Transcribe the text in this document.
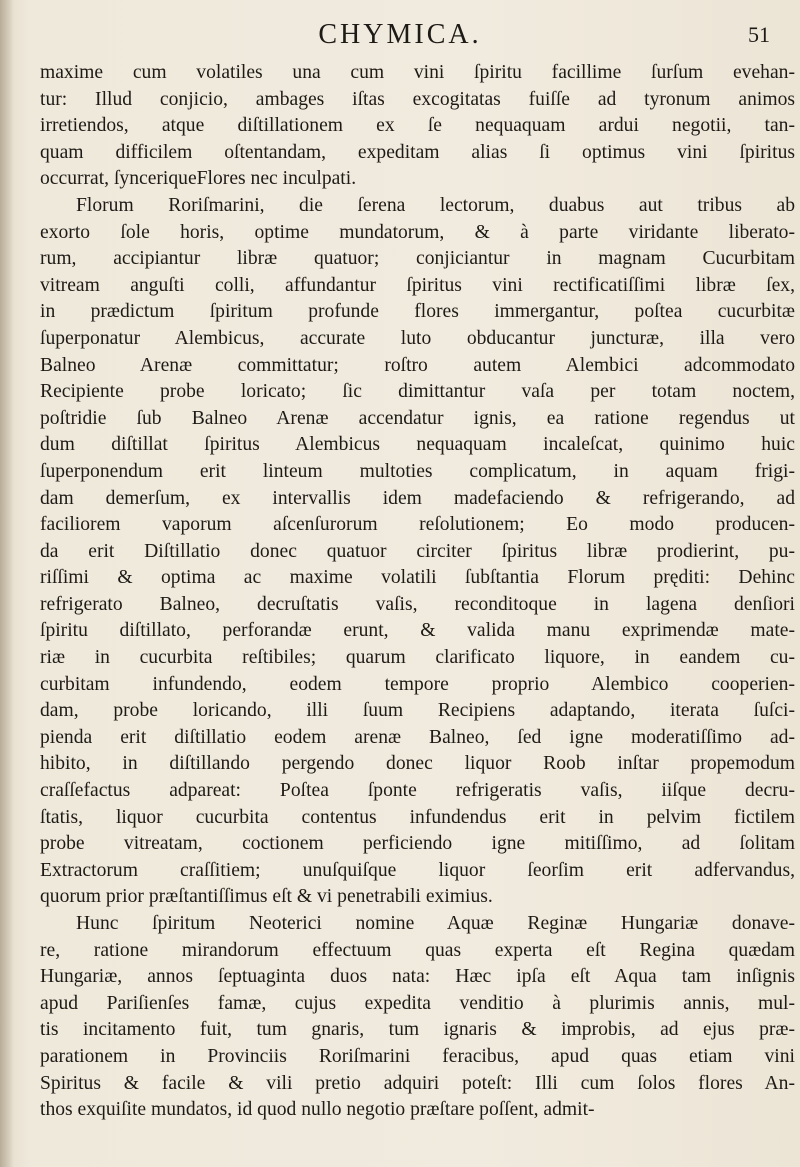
CHYMICA.	51
maxime cum volatiles una cum vini ſpiritu facillime ſurſum evehan-
tur: Illud conjicio, ambages iſtas excogitatas fuiſſe ad tyronum animos
irretiendos, atque diſtillationem ex ſe nequaquam ardui negotii, tan-
quam difficilem oſtentandam, expeditam alias ſi optimus vini ſpiritus
occurrat, ſynceriqueFlores nec inculpati.
Florum Roriſmarini, die ſerena lectorum, duabus aut tribus ab
exorto ſole horis, optime mundatorum, & à parte viridante liberato-
rum, accipiantur libræ quatuor; conjiciantur in magnam Cucurbitam
vitream anguſti colli, affundantur ſpiritus vini rectificatiſſimi libræ ſex,
in prædictum ſpiritum profunde flores immergantur, poſtea cucurbitæ
ſuperponatur Alembicus, accurate luto obducantur juncturæ, illa vero
Balneo Arenæ committatur; roſtro autem Alembici adcommodato
Recipiente probe loricato; ſic dimittantur vaſa per totam noctem,
poſtridie ſub Balneo Arenæ accendatur ignis, ea ratione regendus ut
dum diſtillat ſpiritus Alembicus nequaquam incaleſcat, quinimo huic
ſuperponendum erit linteum multoties complicatum, in aquam frigi-
dam demerſum, ex intervallis idem madefaciendo & refrigerando, ad
faciliorem vaporum aſcenſurorum reſolutionem; Eo modo producen-
da erit Diſtillatio donec quatuor circiter ſpiritus libræ prodierint, pu-
riſſimi & optima ac maxime volatili ſubſtantia Florum pręditi: Dehinc
refrigerato Balneo, decruſtatis vaſis, reconditoque in lagena denſiori
ſpiritu diſtillato, perforandæ erunt, & valida manu exprimendæ mate-
riæ in cucurbita reſtibiles; quarum clarificato liquore, in eandem cu-
curbitam infundendo, eodem tempore proprio Alembico cooperien-
dam, probe loricando, illi ſuum Recipiens adaptando, iterata ſuſci-
pienda erit diſtillatio eodem arenæ Balneo, ſed igne moderatiſſimo ad-
hibito, in diſtillando pergendo donec liquor Roob inſtar propemodum
craſſefactus adpareat: Poſtea ſponte refrigeratis vaſis, iiſque decru-
ſtatis, liquor cucurbita contentus infundendus erit in pelvim fictilem
probe vitreatam, coctionem perficiendo igne mitiſſimo, ad ſolitam
Extractorum craſſitiem; unuſquiſque liquor ſeorſim erit adfervandus,
quorum prior præſtantiſſimus eſt & vi penetrabili eximius.
Hunc ſpiritum Neoterici nomine Aquæ Reginæ Hungariæ donave-
re, ratione mirandorum effectuum quas experta eſt Regina quædam
Hungariæ, annos ſeptuaginta duos nata: Hæc ipſa eſt Aqua tam inſignis
apud Pariſienſes famæ, cujus expedita venditio à plurimis annis, mul-
tis incitamento fuit, tum gnaris, tum ignaris & improbis, ad ejus præ-
parationem in Provinciis Roriſmarini feracibus, apud quas etiam vini
Spiritus & facile & vili pretio adquiri poteſt: Illi cum ſolos flores An-
thos exquiſite mundatos, id quod nullo negotio præſtare poſſent, admit-
